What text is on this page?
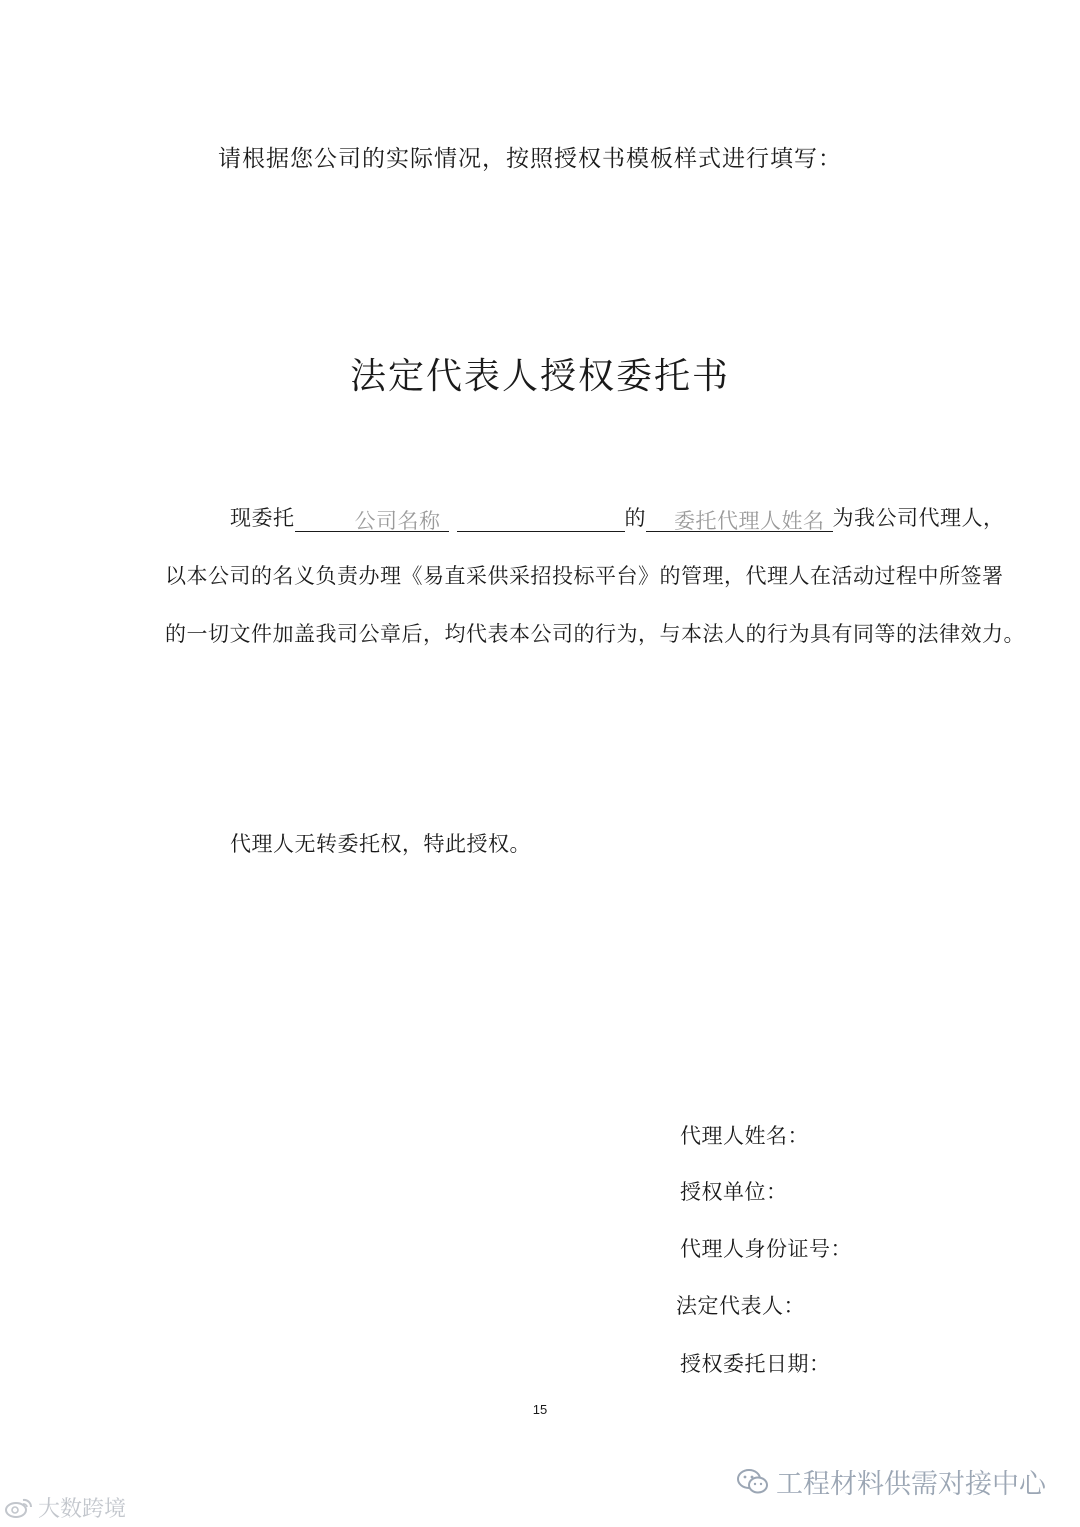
请根据您公司的实际情况，按照授权书模板样式进行填写：
法定代表人授权委托书
现委托	公司名称	的 委托代理人姓名 为我公司代理人，
以本公司的名义负责办理《易直采供采招投标平台》的管理，代理人在活动过程中所签署
的一切文件加盖我司公章后，均代表本公司的行为，与本法人的行为具有同等的法律效力。
代理人无转委托权，特此授权。
代理人姓名：
授权单位：
代理人身份证号：
法定代表人：
授权委托日期：
15
工程材料供需对接中心
大数跨境
